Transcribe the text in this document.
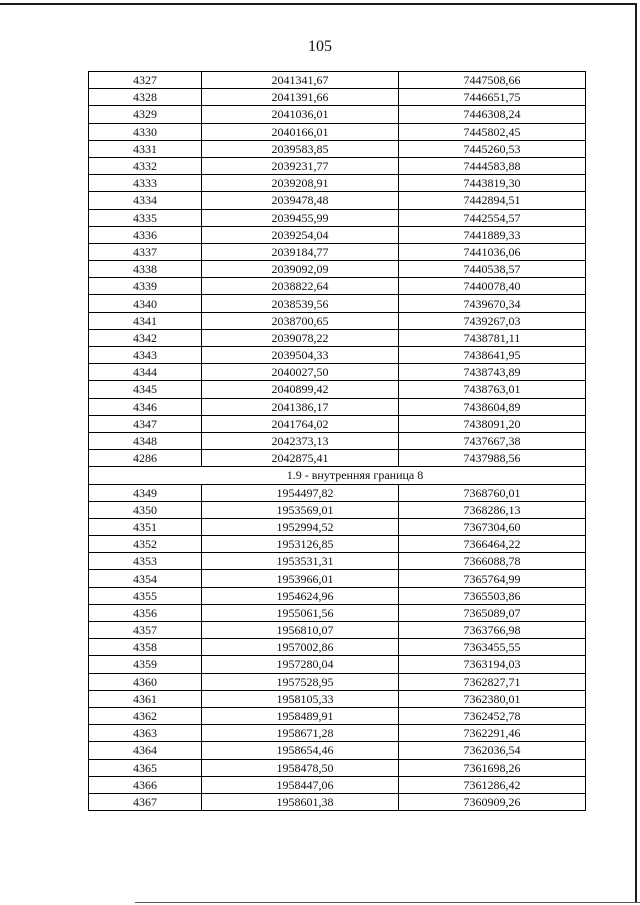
105
4327	2041341,67	7447508,66
4328	2041391,66	7446651,75
4329	2041036,01	7446308,24
4330	2040166,01	7445802,45
4331	2039583,85	7445260,53
4332	2039231,77	7444583,88
4333	2039208,91	7443819,30
4334	2039478,48	7442894,51
4335	2039455,99	7442554,57
4336	2039254,04	7441889,33
4337	2039184,77	7441036,06
4338	2039092,09	7440538,57
4339	2038822,64	7440078,40
4340	2038539,56	7439670,34
4341	2038700,65	7439267,03
4342	2039078,22	7438781,11
4343	2039504,33	7438641,95
4344	2040027,50	7438743,89
4345	2040899,42	7438763,01
4346	2041386,17	7438604,89
4347	2041764,02	7438091,20
4348	2042373,13	7437667,38
4286	2042875,41	7437988,56
1.9 - внутренняя граница 8		
4349	1954497,82	7368760,01
4350	1953569,01	7368286,13
4351	1952994,52	7367304,60
4352	1953126,85	7366464,22
4353	1953531,31	7366088,78
4354	1953966,01	7365764,99
4355	1954624,96	7365503,86
4356	1955061,56	7365089,07
4357	1956810,07	7363766,98
4358	1957002,86	7363455,55
4359	1957280,04	7363194,03
4360	1957528,95	7362827,71
4361	1958105,33	7362380,01
4362	1958489,91	7362452,78
4363	1958671,28	7362291,46
4364	1958654,46	7362036,54
4365	1958478,50	7361698,26
4366	1958447,06	7361286,42
4367	1958601,38	7360909,26
